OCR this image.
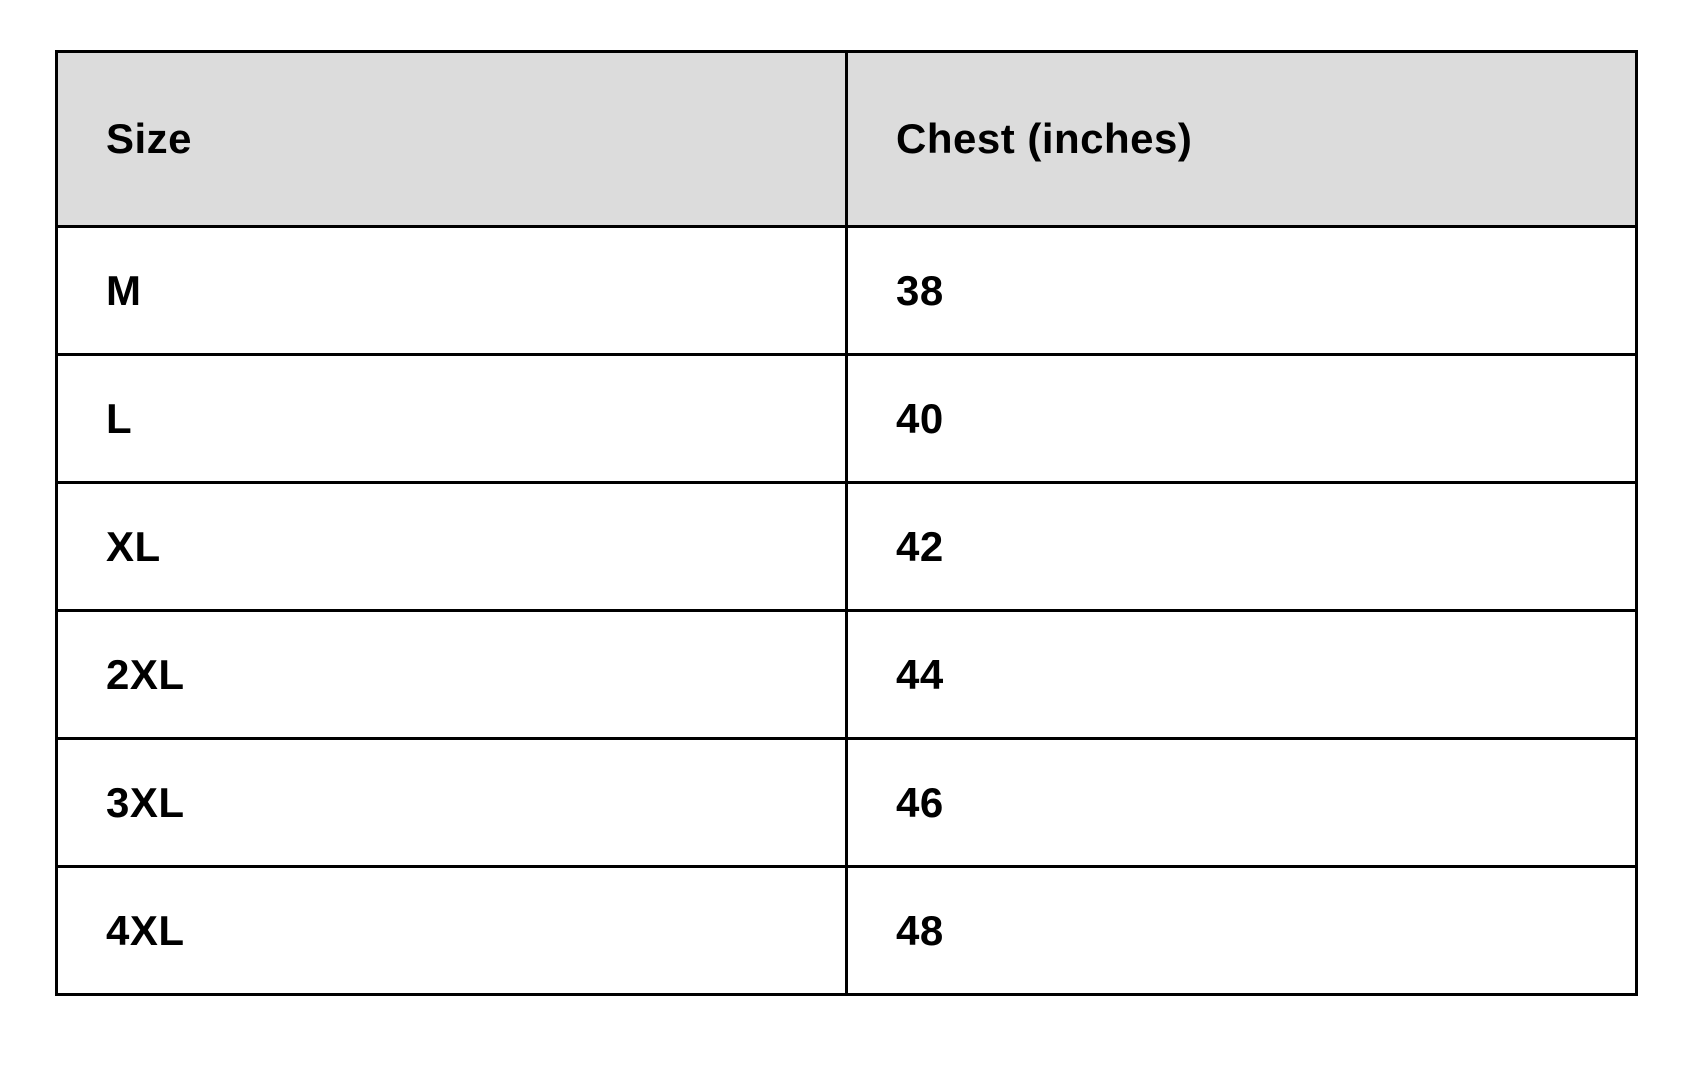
Size	Chest (inches)

M	38

L	40

XL	42

2XL	44

3XL	46

4XL	48
